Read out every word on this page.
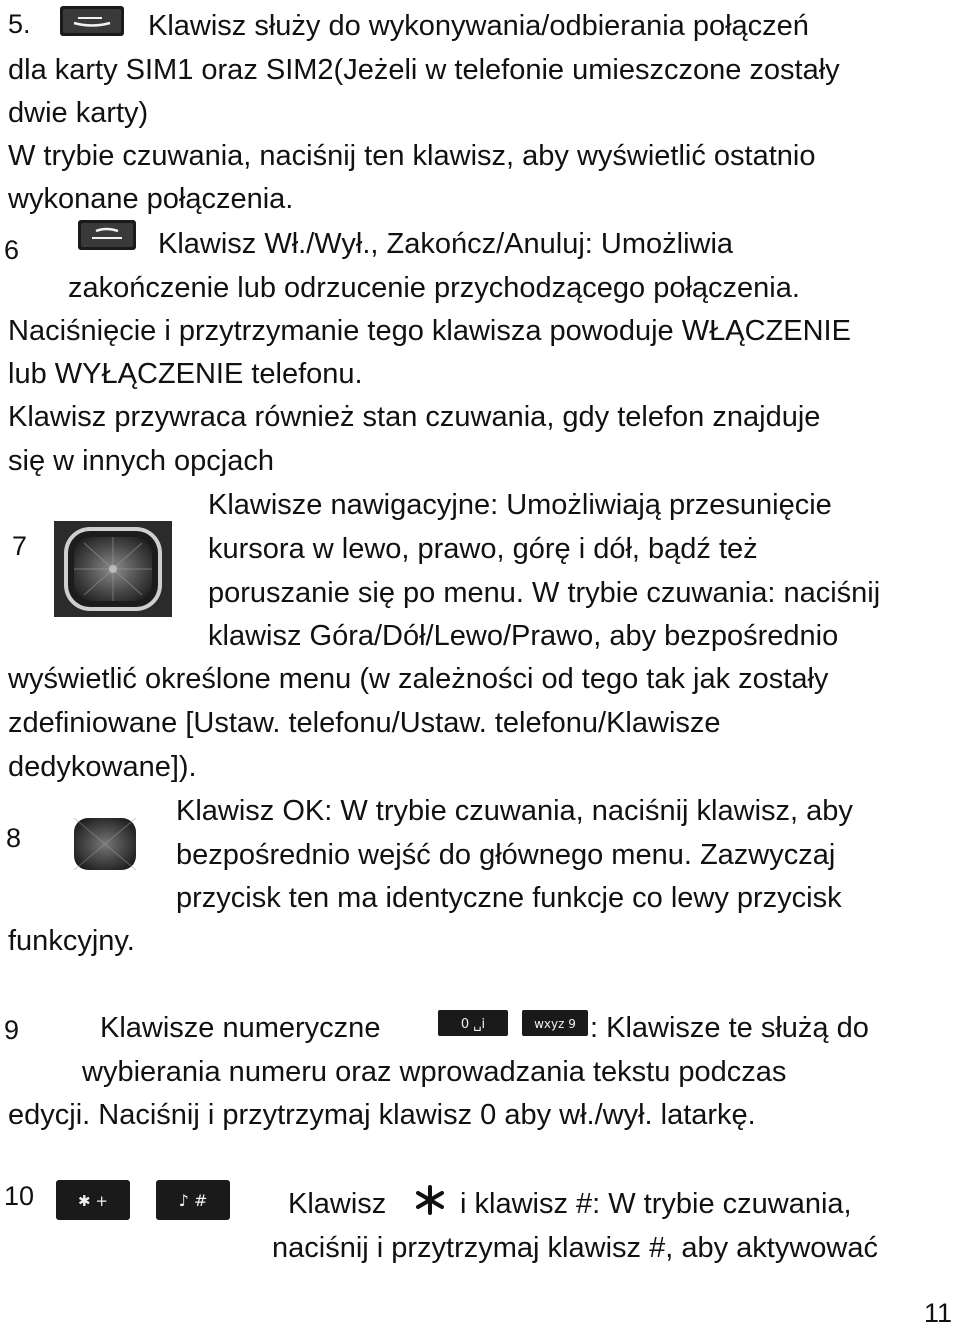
5.	Klawisz służy do wykonywania/odbierania połączeń
dla karty SIM1 oraz SIM2(Jeżeli w telefonie umieszczone zostały
dwie karty)
W trybie czuwania, naciśnij ten klawisz, aby wyświetlić ostatnio
wykonane połączenia.
6	Klawisz Wł./Wył., Zakończ/Anuluj: Umożliwia
zakończenie lub odrzucenie przychodzącego połączenia.
Naciśnięcie i przytrzymanie tego klawisza powoduje WŁĄCZENIE
lub WYŁĄCZENIE telefonu.
Klawisz przywraca również stan czuwania, gdy telefon znajduje
się w innych opcjach
7
Klawisze nawigacyjne: Umożliwiają przesunięcie
kursora w lewo, prawo, górę i dół, bądź też
poruszanie się po menu. W trybie czuwania: naciśnij
klawisz Góra/Dół/Lewo/Prawo, aby bezpośrednio
wyświetlić określone menu (w zależności od tego tak jak zostały
zdefiniowane [Ustaw. telefonu/Ustaw. telefonu/Klawisze
dedykowane]).
8
Klawisz OK: W trybie czuwania, naciśnij klawisz, aby
bezpośrednio wejść do głównego menu. Zazwyczaj
przycisk ten ma identyczne funkcje co lewy przycisk
funkcyjny.
9	Klawisze numeryczne	0 ␣i	wxyz 9 : Klawisze te służą do
wybierania numeru oraz wprowadzania tekstu podczas
edycji. Naciśnij i przytrzymaj klawisz 0 aby wł./wył. latarkę.
10	✱ +	♪ #	Klawisz	i klawisz #: W trybie czuwania,
naciśnij i przytrzymaj klawisz #, aby aktywować
11
